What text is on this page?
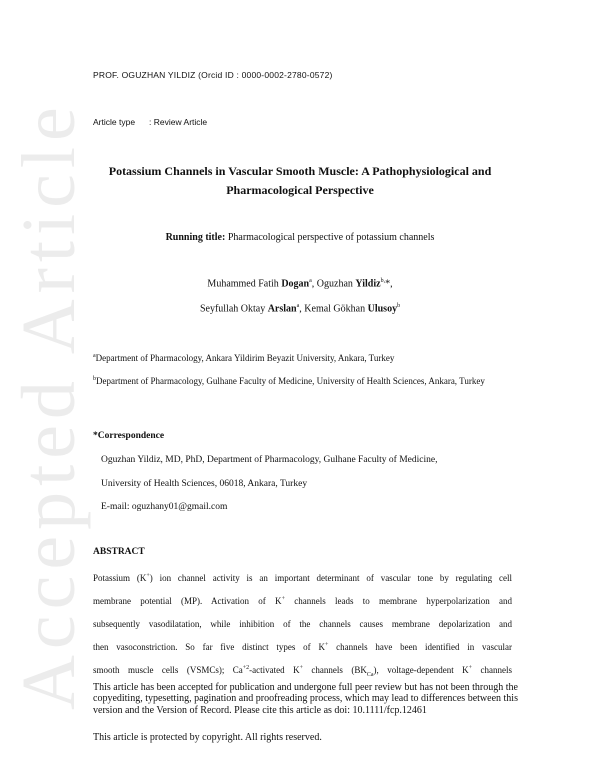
Accepted Article
PROF. OGUZHAN YILDIZ (Orcid ID : 0000-0002-2780-0572)
Article type : Review Article
Potassium Channels in Vascular Smooth Muscle: A Pathophysiological and
Pharmacological Perspective
Running title: Pharmacological perspective of potassium channels
Muhammed Fatih Dogan$^a$, Oguzhan Yildiz$^{b,}$*,
Seyfullah Oktay Arslan$^a$, Kemal Gökhan Ulusoy$^b$
$^a$Department of Pharmacology, Ankara Yildirim Beyazit University, Ankara, Turkey
$^b$Department of Pharmacology, Gulhane Faculty of Medicine, University of Health Sciences, Ankara, Turkey
*Correspondence
Oguzhan Yildiz, MD, PhD, Department of Pharmacology, Gulhane Faculty of Medicine,
University of Health Sciences, 06018, Ankara, Turkey
E-mail: oguzhany01@gmail.com
ABSTRACT
Potassium (K+) ion channel activity is an important determinant of vascular tone by regulating cell
membrane potential (MP). Activation of K+ channels leads to membrane hyperpolarization and
subsequently vasodilatation, while inhibition of the channels causes membrane depolarization and
then vasoconstriction. So far five distinct types of K+ channels have been identified in vascular
smooth muscle cells (VSMCs); $Ca^{+2}$-activated K+ channels $(BK_{Ca})$, voltage-dependent K+ channels
This article has been accepted for publication and undergone full peer review but has not been through the copyediting, typesetting, pagination and proofreading process, which may lead to differences between this version and the Version of Record. Please cite this article as doi: 10.1111/fcp.12461
This article is protected by copyright. All rights reserved.
